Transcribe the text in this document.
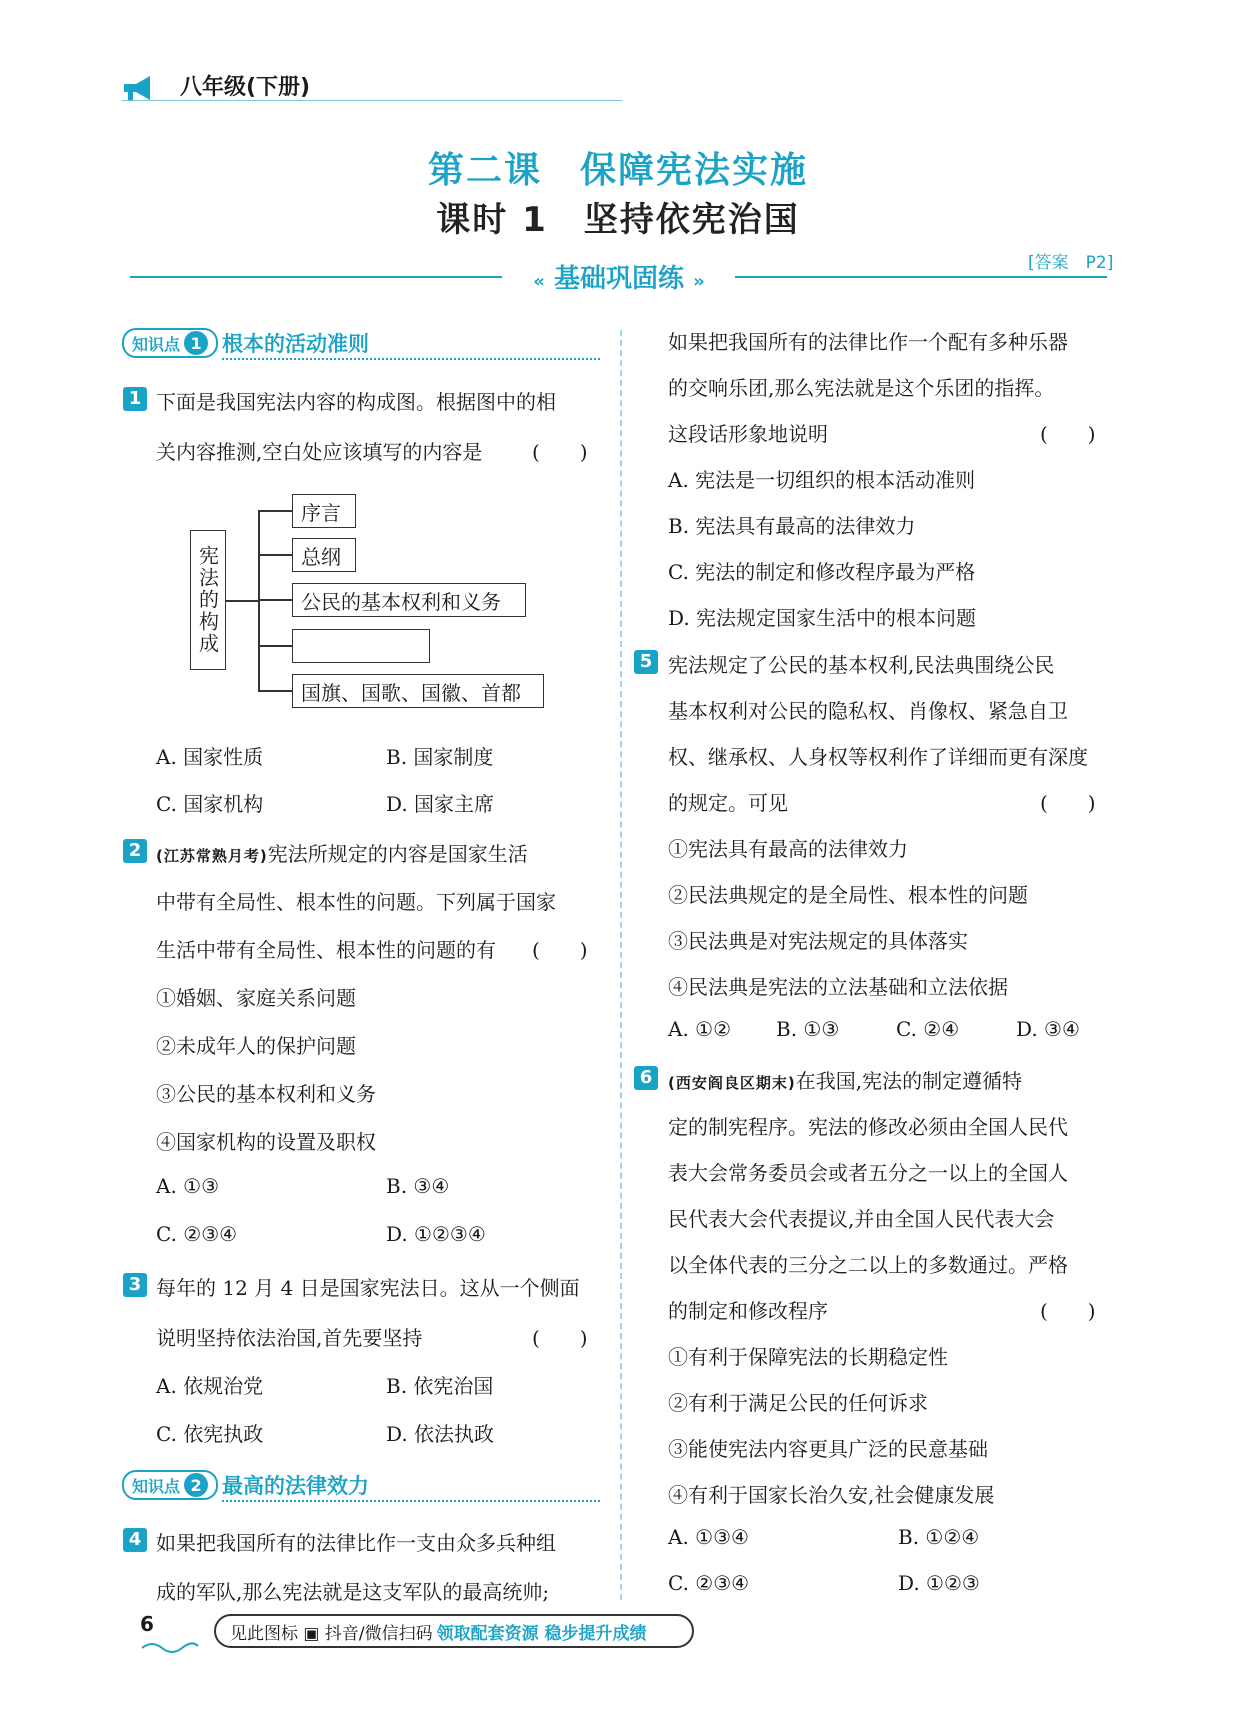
八年级(下册)
第二课　保障宪法实施
课时 1　坚持依宪治国
[答案　P2]
« 基础巩固练 »
知识点 1 根本的活动准则
1 下面是我国宪法内容的构成图。根据图中的相
关内容推测,空白处应该填写的内容是 (　　)
宪法的构成
序言
总纲
公民的基本权利和义务
国旗、国歌、国徽、首都
A. 国家性质	B. 国家制度
C. 国家机构	D. 国家主席
2 (江苏常熟月考)宪法所规定的内容是国家生活
中带有全局性、根本性的问题。下列属于国家
生活中带有全局性、根本性的问题的有 (　　)
①婚姻、家庭关系问题
②未成年人的保护问题
③公民的基本权利和义务
④国家机构的设置及职权
A. ①③	B. ③④
C. ②③④	D. ①②③④
3 每年的 12 月 4 日是国家宪法日。这从一个侧面
说明坚持依法治国,首先要坚持	(　　)
A. 依规治党	B. 依宪治国
C. 依宪执政	D. 依法执政
知识点 2 最高的法律效力
4 如果把我国所有的法律比作一支由众多兵种组
成的军队,那么宪法就是这支军队的最高统帅;
如果把我国所有的法律比作一个配有多种乐器
的交响乐团,那么宪法就是这个乐团的指挥。
这段话形象地说明	(　　)
A. 宪法是一切组织的根本活动准则
B. 宪法具有最高的法律效力
C. 宪法的制定和修改程序最为严格
D. 宪法规定国家生活中的根本问题
5 宪法规定了公民的基本权利,民法典围绕公民
基本权利对公民的隐私权、肖像权、紧急自卫
权、继承权、人身权等权利作了详细而更有深度
的规定。可见	(　　)
①宪法具有最高的法律效力
②民法典规定的是全局性、根本性的问题
③民法典是对宪法规定的具体落实
④民法典是宪法的立法基础和立法依据
A. ①② B. ①③	C. ②④	D. ③④
6	(西安阎良区期末)在我国,宪法的制定遵循特
定的制宪程序。宪法的修改必须由全国人民代
表大会常务委员会或者五分之一以上的全国人
民代表大会代表提议,并由全国人民代表大会
以全体代表的三分之二以上的多数通过。严格
的制定和修改程序	(　　)
①有利于保障宪法的长期稳定性
②有利于满足公民的任何诉求
③能使宪法内容更具广泛的民意基础
④有利于国家长治久安,社会健康发展
A. ①③④	B. ①②④
C. ②③④	D. ①②③
6	见此图标 ▣ 抖音/微信扫码 领取配套资源 稳步提升成绩
